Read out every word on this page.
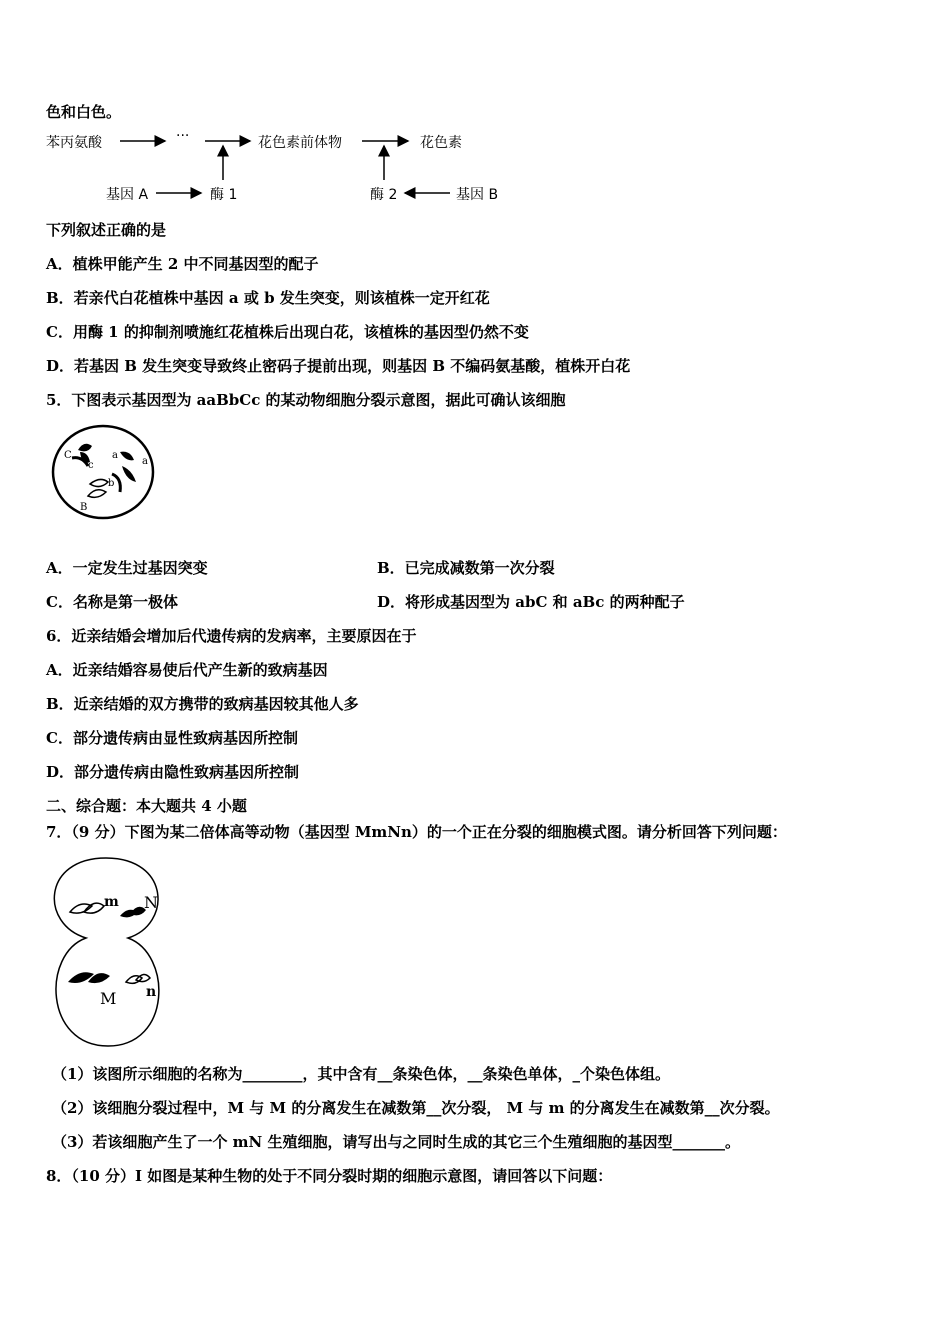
色和白色。
苯丙氨酸	···	花色素前体物	花色素
基因 A	酶 1	酶 2	基因 B
下列叙述正确的是
A．植株甲能产生 2 中不同基因型的配子
B．若亲代白花植株中基因 a 或 b 发生突变，则该植株一定开红花
C．用酶 1 的抑制剂喷施红花植株后出现白花，该植株的基因型仍然不变
D．若基因 B 发生突变导致终止密码子提前出现，则基因 B 不编码氨基酸，植株开白花
5．下图表示基因型为 aaBbCc 的某动物细胞分裂示意图，据此可确认该细胞
C
c
a
a
b
B
A．一定发生过基因突变	B．已完成减数第一次分裂
C．名称是第一极体	D．将形成基因型为 abC 和 aBc 的两种配子
6．近亲结婚会增加后代遗传病的发病率，主要原因在于
A．近亲结婚容易使后代产生新的致病基因
B．近亲结婚的双方携带的致病基因较其他人多
C．部分遗传病由显性致病基因所控制
D．部分遗传病由隐性致病基因所控制
二、综合题：本大题共 4 小题
7．（9 分）下图为某二倍体高等动物（基因型 MmNn）的一个正在分裂的细胞模式图。请分析回答下列问题：
m N
M n
（1）该图所示细胞的名称为________，其中含有__条染色体，__条染色单体，_个染色体组。
（2）该细胞分裂过程中，M 与 M 的分离发生在减数第__次分裂， M 与 m 的分离发生在减数第__次分裂。
（3）若该细胞产生了一个 mN 生殖细胞，请写出与之同时生成的其它三个生殖细胞的基因型_______。
8．（10 分）I 如图是某种生物的处于不同分裂时期的细胞示意图，请回答以下问题：
